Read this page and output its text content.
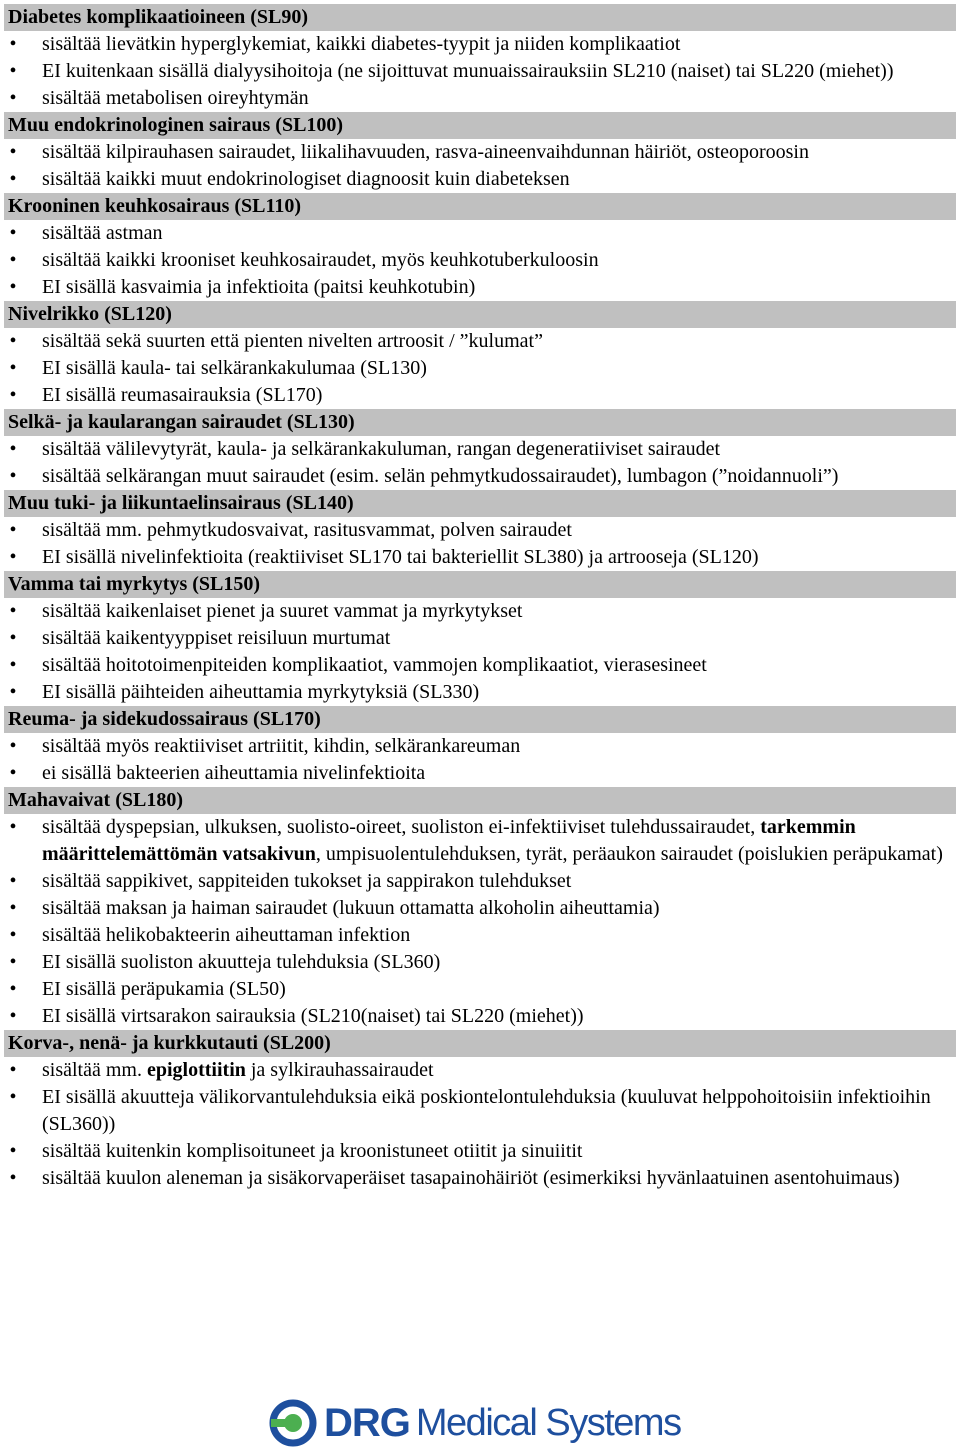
Diabetes komplikaatioineen (SL90)
• sisältää lievätkin hyperglykemiat, kaikki diabetes-tyypit ja niiden komplikaatiot
• EI kuitenkaan sisällä dialyysihoitoja (ne sijoittuvat munuaissairauksiin SL210 (naiset) tai SL220 (miehet))
• sisältää metabolisen oireyhtymän
Muu endokrinologinen sairaus (SL100)
• sisältää kilpirauhasen sairaudet, liikalihavuuden, rasva-aineenvaihdunnan häiriöt, osteoporoosin
• sisältää kaikki muut endokrinologiset diagnoosit kuin diabeteksen
Krooninen keuhkosairaus (SL110)
• sisältää astman
• sisältää kaikki krooniset keuhkosairaudet, myös keuhkotuberkuloosin
• EI sisällä kasvaimia ja infektioita (paitsi keuhkotubin)
Nivelrikko (SL120)
• sisältää sekä suurten että pienten nivelten artroosit / ”kulumat”
• EI sisällä kaula- tai selkärankakulumaa (SL130)
• EI sisällä reumasairauksia (SL170)
Selkä- ja kaularangan sairaudet (SL130)
• sisältää välilevytyrät, kaula- ja selkärankakuluman, rangan degeneratiiviset sairaudet
• sisältää selkärangan muut sairaudet (esim. selän pehmytkudossairaudet), lumbagon (”noidannuoli”)
Muu tuki- ja liikuntaelinsairaus (SL140)
• sisältää mm. pehmytkudosvaivat, rasitusvammat, polven sairaudet
• EI sisällä nivelinfektioita (reaktiiviset SL170 tai bakteriellit SL380) ja artrooseja (SL120)
Vamma tai myrkytys (SL150)
• sisältää kaikenlaiset pienet ja suuret vammat ja myrkytykset
• sisältää kaikentyyppiset reisiluun murtumat
• sisältää hoitotoimenpiteiden komplikaatiot, vammojen komplikaatiot, vierasesineet
• EI sisällä päihteiden aiheuttamia myrkytyksiä (SL330)
Reuma- ja sidekudossairaus (SL170)
• sisältää myös reaktiiviset artriitit, kihdin, selkärankareuman
• ei sisällä bakteerien aiheuttamia nivelinfektioita
Mahavaivat (SL180)
• sisältää dyspepsian, ulkuksen, suolisto-oireet, suoliston ei-infektiiviset tulehdussairaudet, tarkemmin määrittelemättömän vatsakivun, umpisuolentulehduksen, tyrät, peräaukon sairaudet (poislukien peräpukamat)
• sisältää sappikivet, sappiteiden tukokset ja sappirakon tulehdukset
• sisältää maksan ja haiman sairaudet (lukuun ottamatta alkoholin aiheuttamia)
• sisältää helikobakteerin aiheuttaman infektion
• EI sisällä suoliston akuutteja tulehduksia (SL360)
• EI sisällä peräpukamia (SL50)
• EI sisällä virtsarakon sairauksia (SL210(naiset) tai SL220 (miehet))
Korva-, nenä- ja kurkkutauti (SL200)
• sisältää mm. epiglottiitin ja sylkirauhassairaudet
• EI sisällä akuutteja välikorvantulehduksia eikä poskiontelontulehduksia (kuuluvat helppohoitoisiin infektioihin (SL360))
• sisältää kuitenkin komplisoituneet ja kroonistuneet otiitit ja sinuiitit
• sisältää kuulon aleneman ja sisäkorvaperäiset tasapainohäiriöt (esimerkiksi hyvänlaatuinen asentohuimaus)
DRG Medical Systems
